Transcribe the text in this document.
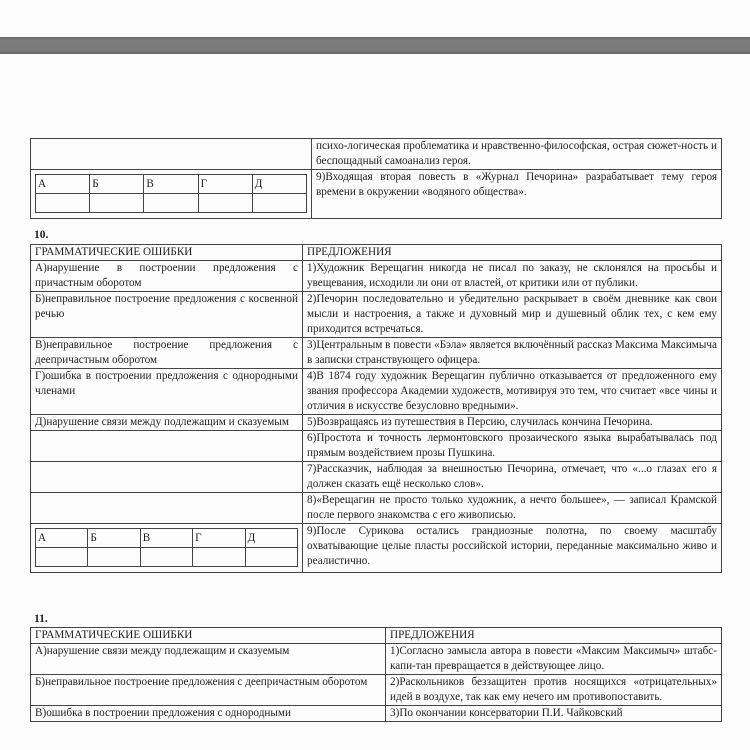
	психо-логическая проблематика и нравственно-философская, острая сюжет-ность и беспощадный самоанализ героя.

А	Б	В	Г	Д

	9)Входящая вторая повесть в «Журнал Печорина» разрабатывает тему героя времени в окружении «водяного общества».
10.
ГРАММАТИЧЕСКИЕ ОШИБКИ	ПРЕДЛОЖЕНИЯ
А)нарушение в построении предложения с причастным оборотом	1)Художник Верещагин никогда не писал по заказу, не склонялся на просьбы и увещевания, исходили ли они от властей, от критики или от публики.
Б)неправильное построение предложения с косвенной речью	2)Печорин последовательно и убедительно раскрывает в своём дневнике как свои мысли и настроения, а также и духовный мир и душевный облик тех, с кем ему приходится встречаться.
В)неправильное построение предложения с деепричастным оборотом	3)Центральным в повести «Бэла» является включённый рассказ Максима Максимыча в записки странствующего офицера.
Г)ошибка в построении предложения с однородными членами	4)В 1874 году художник Верещагин публично отказывается от предложенного ему звания профессора Академии художеств, мотивируя это тем, что считает «все чины и отличия в искусстве безусловно вредными».
Д)нарушение связи между подлежащим и сказуемым	5)Возвращаясь из путешествия в Персию, случилась кончина Печорина.
	6)Простота и точность лермонтовского прозаического языка вырабатывалась под прямым воздействием прозы Пушкина.
	7)Рассказчик, наблюдая за внешностью Печорина, отмечает, что «...о глазах его я должен сказать ещё несколько слов».
	8)«Верещагин не просто только художник, а нечто большее», — записал Крамской после первого знакомства с его живописью.

А	Б	В	Г	Д

	9)После Сурикова остались грандиозные полотна, по своему масштабу охватывающие целые пласты российской истории, переданные максимально живо и реалистично.
11.
ГРАММАТИЧЕСКИЕ ОШИБКИ	ПРЕДЛОЖЕНИЯ
А)нарушение связи между подлежащим и сказуемым	1)Согласно замысла автора в повести «Максим Максимыч» штабс-капи-тан превращается в действующее лицо.
Б)неправильное построение предложения с деепричастным оборотом	2)Раскольников беззащитен против носящихся «отрицательных» идей в воздухе, так как ему нечего им противопоставить.
В)ошибка в построении предложения с однородными	3)По окончании консерватории П.И. Чайковский
